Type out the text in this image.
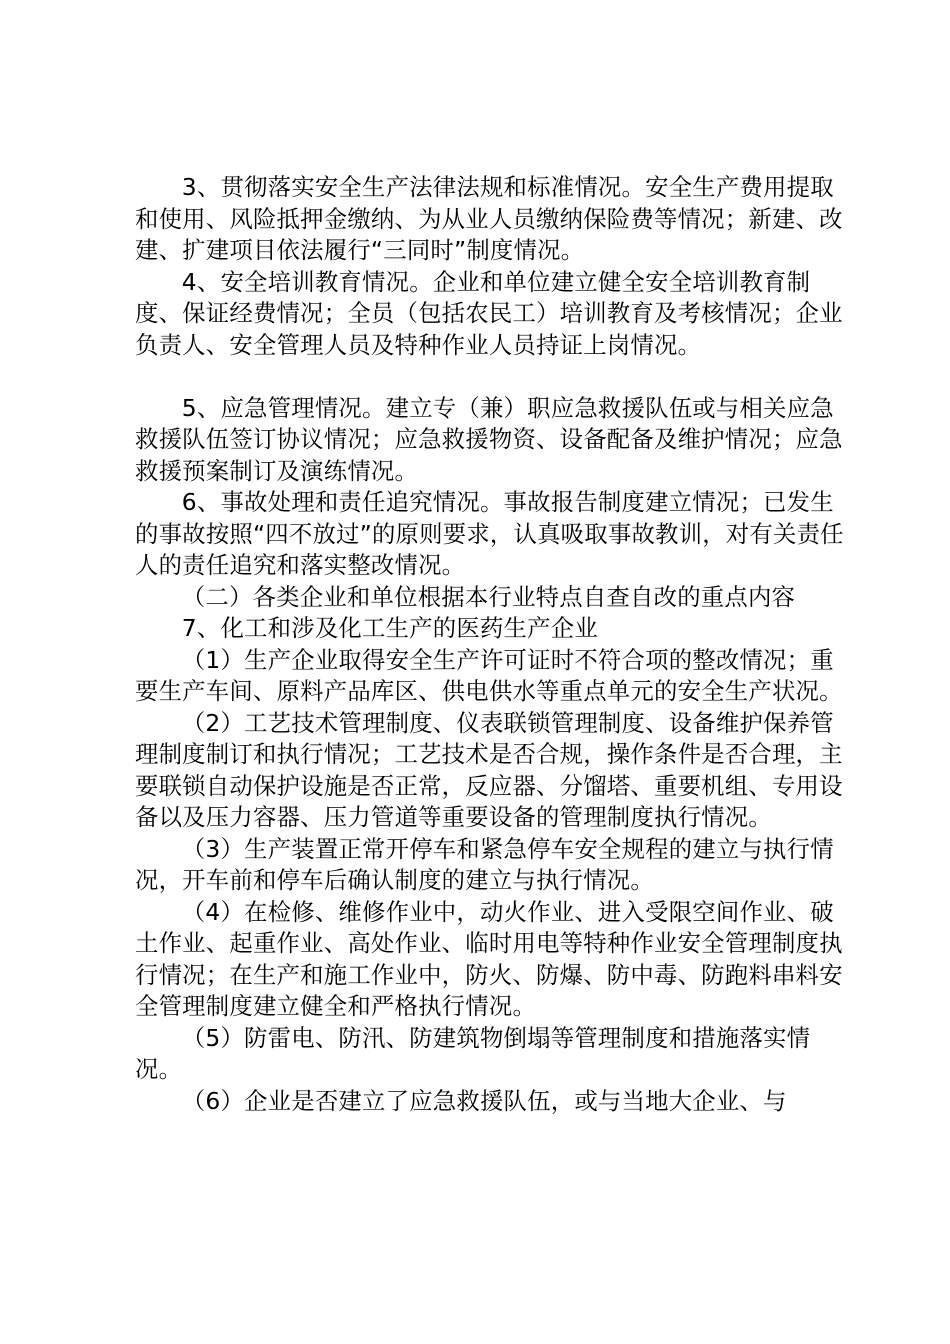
3、贯彻落实安全生产法律法规和标准情况。安全生产费用提取和使用、风险抵押金缴纳、为从业人员缴纳保险费等情况；新建、改建、扩建项目依法履行“三同时”制度情况。

4、安全培训教育情况。企业和单位建立健全安全培训教育制度、保证经费情况；全员（包括农民工）培训教育及考核情况；企业负责人、安全管理人员及特种作业人员持证上岗情况。

5、应急管理情况。建立专（兼）职应急救援队伍或与相关应急救援队伍签订协议情况；应急救援物资、设备配备及维护情况；应急救援预案制订及演练情况。

6、事故处理和责任追究情况。事故报告制度建立情况；已发生的事故按照“四不放过”的原则要求，认真吸取事故教训，对有关责任人的责任追究和落实整改情况。

（二）各类企业和单位根据本行业特点自查自改的重点内容

7、化工和涉及化工生产的医药生产企业

（1）生产企业取得安全生产许可证时不符合项的整改情况；重要生产车间、原料产品库区、供电供水等重点单元的安全生产状况。

（2）工艺技术管理制度、仪表联锁管理制度、设备维护保养管理制度制订和执行情况；工艺技术是否合规，操作条件是否合理，主要联锁自动保护设施是否正常，反应器、分馏塔、重要机组、专用设备以及压力容器、压力管道等重要设备的管理制度执行情况。

（3）生产装置正常开停车和紧急停车安全规程的建立与执行情况，开车前和停车后确认制度的建立与执行情况。

（4）在检修、维修作业中，动火作业、进入受限空间作业、破土作业、起重作业、高处作业、临时用电等特种作业安全管理制度执行情况；在生产和施工作业中，防火、防爆、防中毒、防跑料串料安全管理制度建立健全和严格执行情况。

（5）防雷电、防汛、防建筑物倒塌等管理制度和措施落实情况。

（6）企业是否建立了应急救援队伍，或与当地大企业、与
